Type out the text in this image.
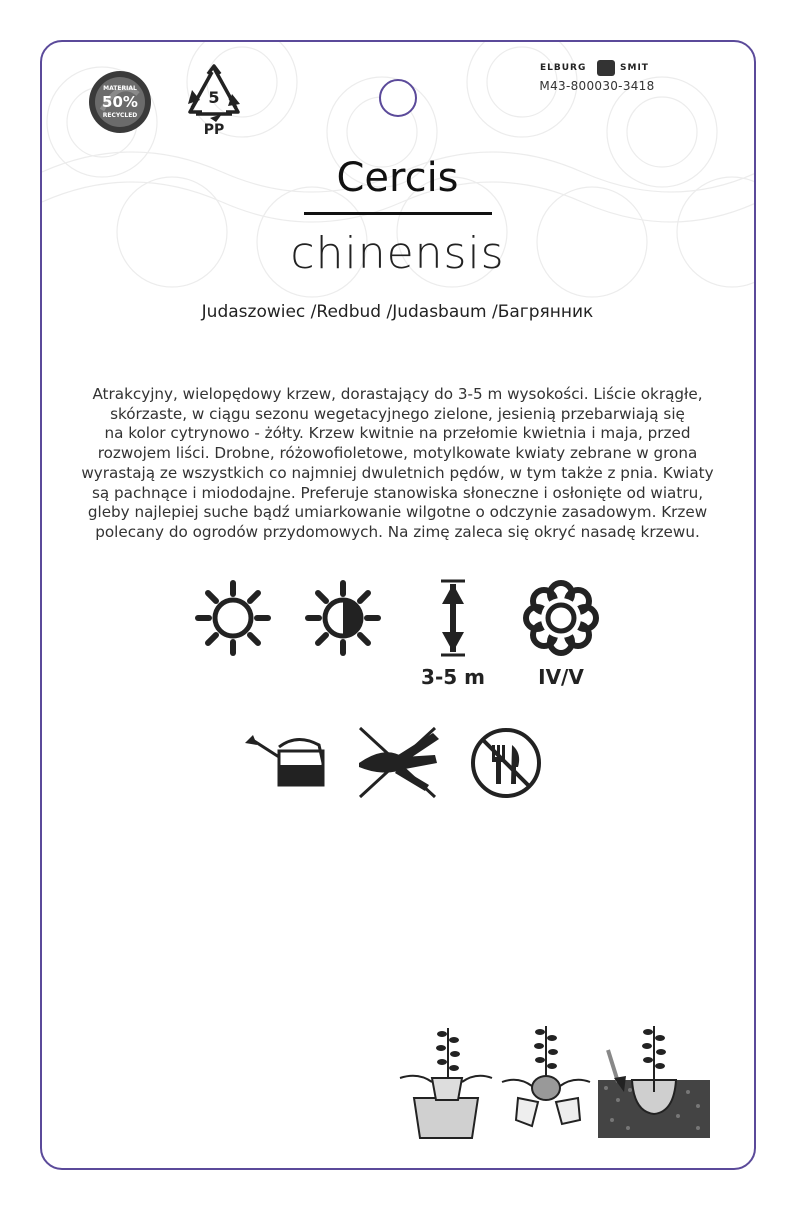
MATERIAL
50%
RECYCLED
5
PP
ELBURG	SMIT
M43-800030-3418
Cercis
chinensis
Judaszowiec /Redbud /Judasbaum /Багрянник
Atrakcyjny, wielopędowy krzew, dorastający do 3-5 m wysokości. Liście okrągłe,
skórzaste, w ciągu sezonu wegetacyjnego zielone, jesienią przebarwiają się
na kolor cytrynowo - żółty. Krzew kwitnie na przełomie kwietnia i maja, przed
rozwojem liści. Drobne, różowofioletowe, motylkowate kwiaty zebrane w grona
wyrastają ze wszystkich co najmniej dwuletnich pędów, w tym także z pnia. Kwiaty
są pachnące i miododajne. Preferuje stanowiska słoneczne i osłonięte od wiatru,
gleby najlepiej suche bądź umiarkowanie wilgotne o odczynie zasadowym. Krzew
polecany do ogrodów przydomowych. Na zimę zaleca się okryć nasadę krzewu.
3-5 m	IV/V
